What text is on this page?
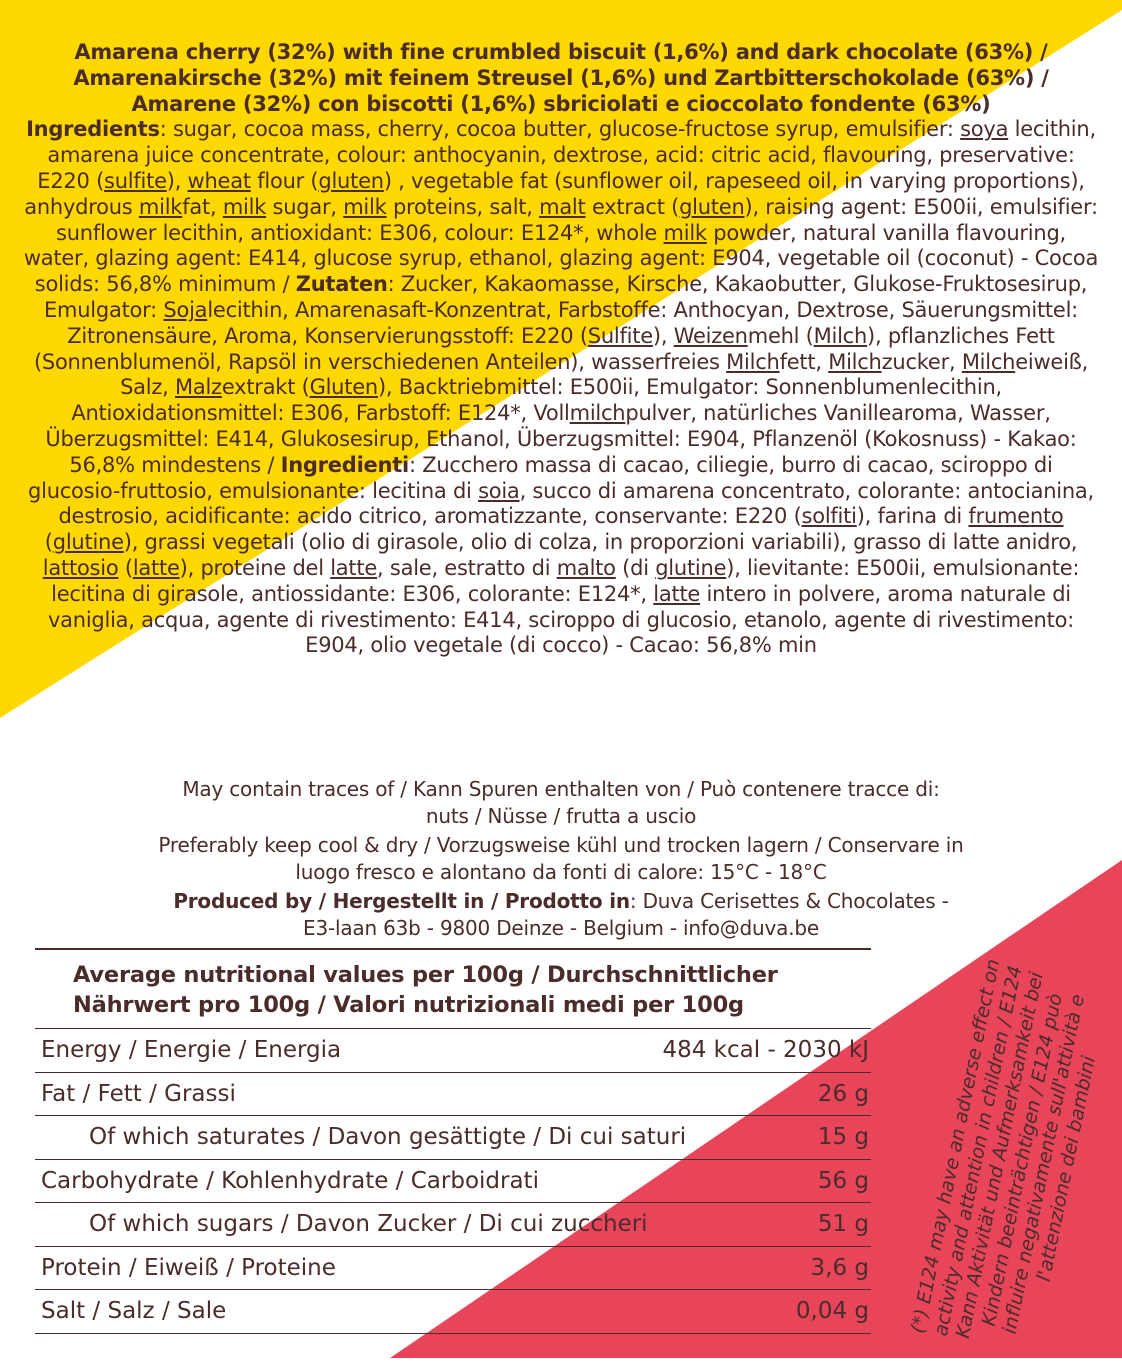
Amarena cherry (32%) with fine crumbled biscuit (1,6%) and dark chocolate (63%) /
Amarenakirsche (32%) mit feinem Streusel (1,6%) und Zartbitterschokolade (63%) /
Amarene (32%) con biscotti (1,6%) sbriciolati e cioccolato fondente (63%)
Ingredients: sugar, cocoa mass, cherry, cocoa butter, glucose-fructose syrup, emulsifier: soya lecithin, amarena juice concentrate, colour: anthocyanin, dextrose, acid: citric acid, flavouring, preservative: E220 (sulfite), wheat flour (gluten) , vegetable fat (sunflower oil, rapeseed oil, in varying proportions), anhydrous milkfat, milk sugar, milk proteins, salt, malt extract (gluten), raising agent: E500ii, emulsifier: sunflower lecithin, antioxidant: E306, colour: E124*, whole milk powder, natural vanilla flavouring, water, glazing agent: E414, glucose syrup, ethanol, glazing agent: E904, vegetable oil (coconut) - Cocoa solids: 56,8% minimum / Zutaten: Zucker, Kakaomasse, Kirsche, Kakaobutter, Glukose-Fruktosesirup, Emulgator: Sojalecithin, Amarenasaft-Konzentrat, Farbstoffe: Anthocyan, Dextrose, Säuerungsmittel: Zitronensäure, Aroma, Konservierungsstoff: E220 (Sulfite), Weizenmehl (Milch), pflanzliches Fett (Sonnenblumenöl, Rapsöl in verschiedenen Anteilen), wasserfreies Milchfett, Milchzucker, Milcheiweiß, Salz, Malzextrakt (Gluten), Backtriebmittel: E500ii, Emulgator: Sonnenblumenlecithin, Antioxidationsmittel: E306, Farbstoff: E124*, Vollmilchpulver, natürliches Vanillearoma, Wasser, Überzugsmittel: E414, Glukosesirup, Ethanol, Überzugsmittel: E904, Pflanzenöl (Kokosnuss) - Kakao: 56,8% mindestens / Ingredienti: Zucchero massa di cacao, ciliegie, burro di cacao, sciroppo di glucosio-fruttosio, emulsionante: lecitina di soia, succo di amarena concentrato, colorante: antocianina, destrosio, acidificante: acido citrico, aromatizzante, conservante: E220 (solfiti), farina di frumento (glutine), grassi vegetali (olio di girasole, olio di colza, in proporzioni variabili), grasso di latte anidro, lattosio (latte), proteine del latte, sale, estratto di malto (di glutine), lievitante: E500ii, emulsionante: lecitina di girasole, antiossidante: E306, colorante: E124*, latte intero in polvere, aroma naturale di vaniglia, acqua, agente di rivestimento: E414, sciroppo di glucosio, etanolo, agente di rivestimento: E904, olio vegetale (di cocco) - Cacao: 56,8% min

May contain traces of / Kann Spuren enthalten von / Può contenere tracce di:
nuts / Nüsse / frutta a uscio

Preferably keep cool & dry / Vorzugsweise kühl und trocken lagern / Conservare in
luogo fresco e alontano da fonti di calore: 15°C - 18°C

Produced by / Hergestellt in / Prodotto in: Duva Cerisettes & Chocolates -
E3-laan 63b - 9800 Deinze - Belgium - info@duva.be

Average nutritional values per 100g / Durchschnittlicher
Nährwert pro 100g / Valori nutrizionali medi per 100g
Energy / Energie / Energia	484 kcal - 2030 kJ
Fat / Fett / Grassi	26 g
Of which saturates / Davon gesättigte / Di cui saturi	15 g
Carbohydrate / Kohlenhydrate / Carboidrati	56 g
Of which sugars / Davon Zucker / Di cui zuccheri	51 g
Protein / Eiweiß / Proteine	3,6 g
Salt / Salz / Sale	0,04 g (*) E124 may have an adverse effect on activity and attention in children / E124 Kann Aktivität und Aufmerksamkeit bei Kindern beeinträchtigen / E124 può influire negativamente sull'attività e l'attenzione dei bambini
